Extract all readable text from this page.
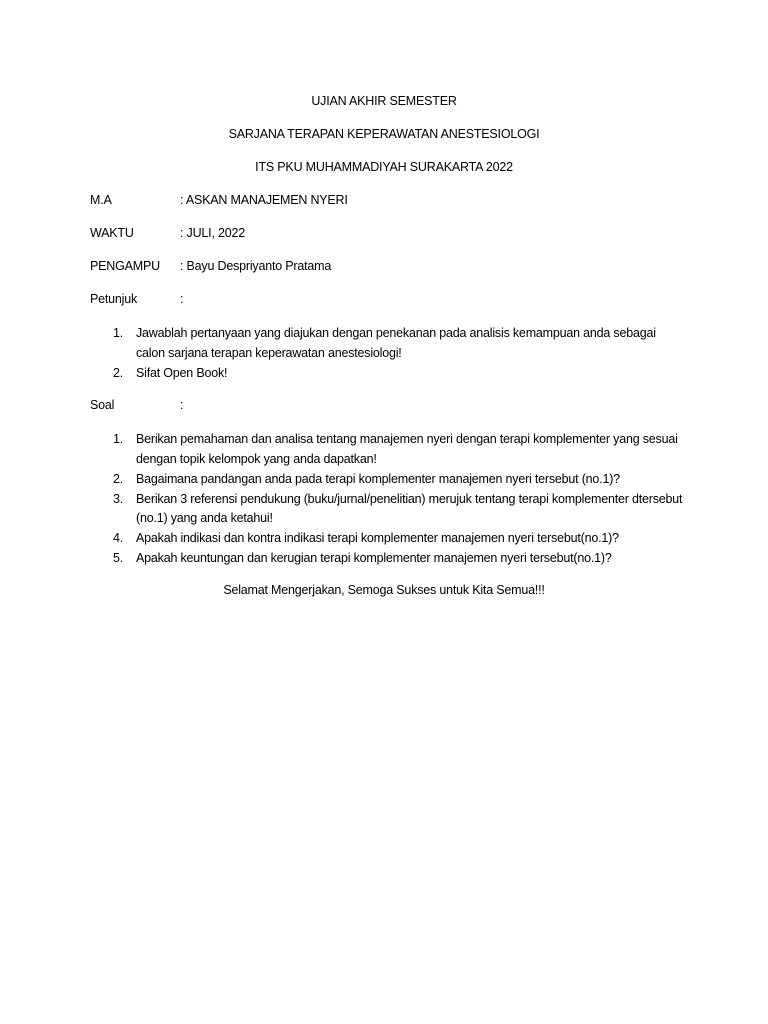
UJIAN AKHIR SEMESTER
SARJANA TERAPAN KEPERAWATAN ANESTESIOLOGI
ITS PKU MUHAMMADIYAH SURAKARTA 2022
M.A	: ASKAN MANAJEMEN NYERI
WAKTU	: JULI, 2022
PENGAMPU : Bayu Despriyanto Pratama
Petunjuk	:
1. Jawablah pertanyaan yang diajukan dengan penekanan pada analisis kemampuan anda sebagai calon sarjana terapan keperawatan anestesiologi!
2. Sifat Open Book!
Soal	:
1. Berikan pemahaman dan analisa tentang manajemen nyeri dengan terapi komplementer yang sesuai dengan topik kelompok yang anda dapatkan!
2. Bagaimana pandangan anda pada terapi komplementer manajemen nyeri tersebut (no.1)?
3. Berikan 3 referensi pendukung (buku/jurnal/penelitian) merujuk tentang terapi komplementer dtersebut (no.1) yang anda ketahui!
4. Apakah indikasi dan kontra indikasi terapi komplementer manajemen nyeri tersebut(no.1)?
5. Apakah keuntungan dan kerugian terapi komplementer manajemen nyeri tersebut(no.1)?
Selamat Mengerjakan, Semoga Sukses untuk Kita Semua!!!
